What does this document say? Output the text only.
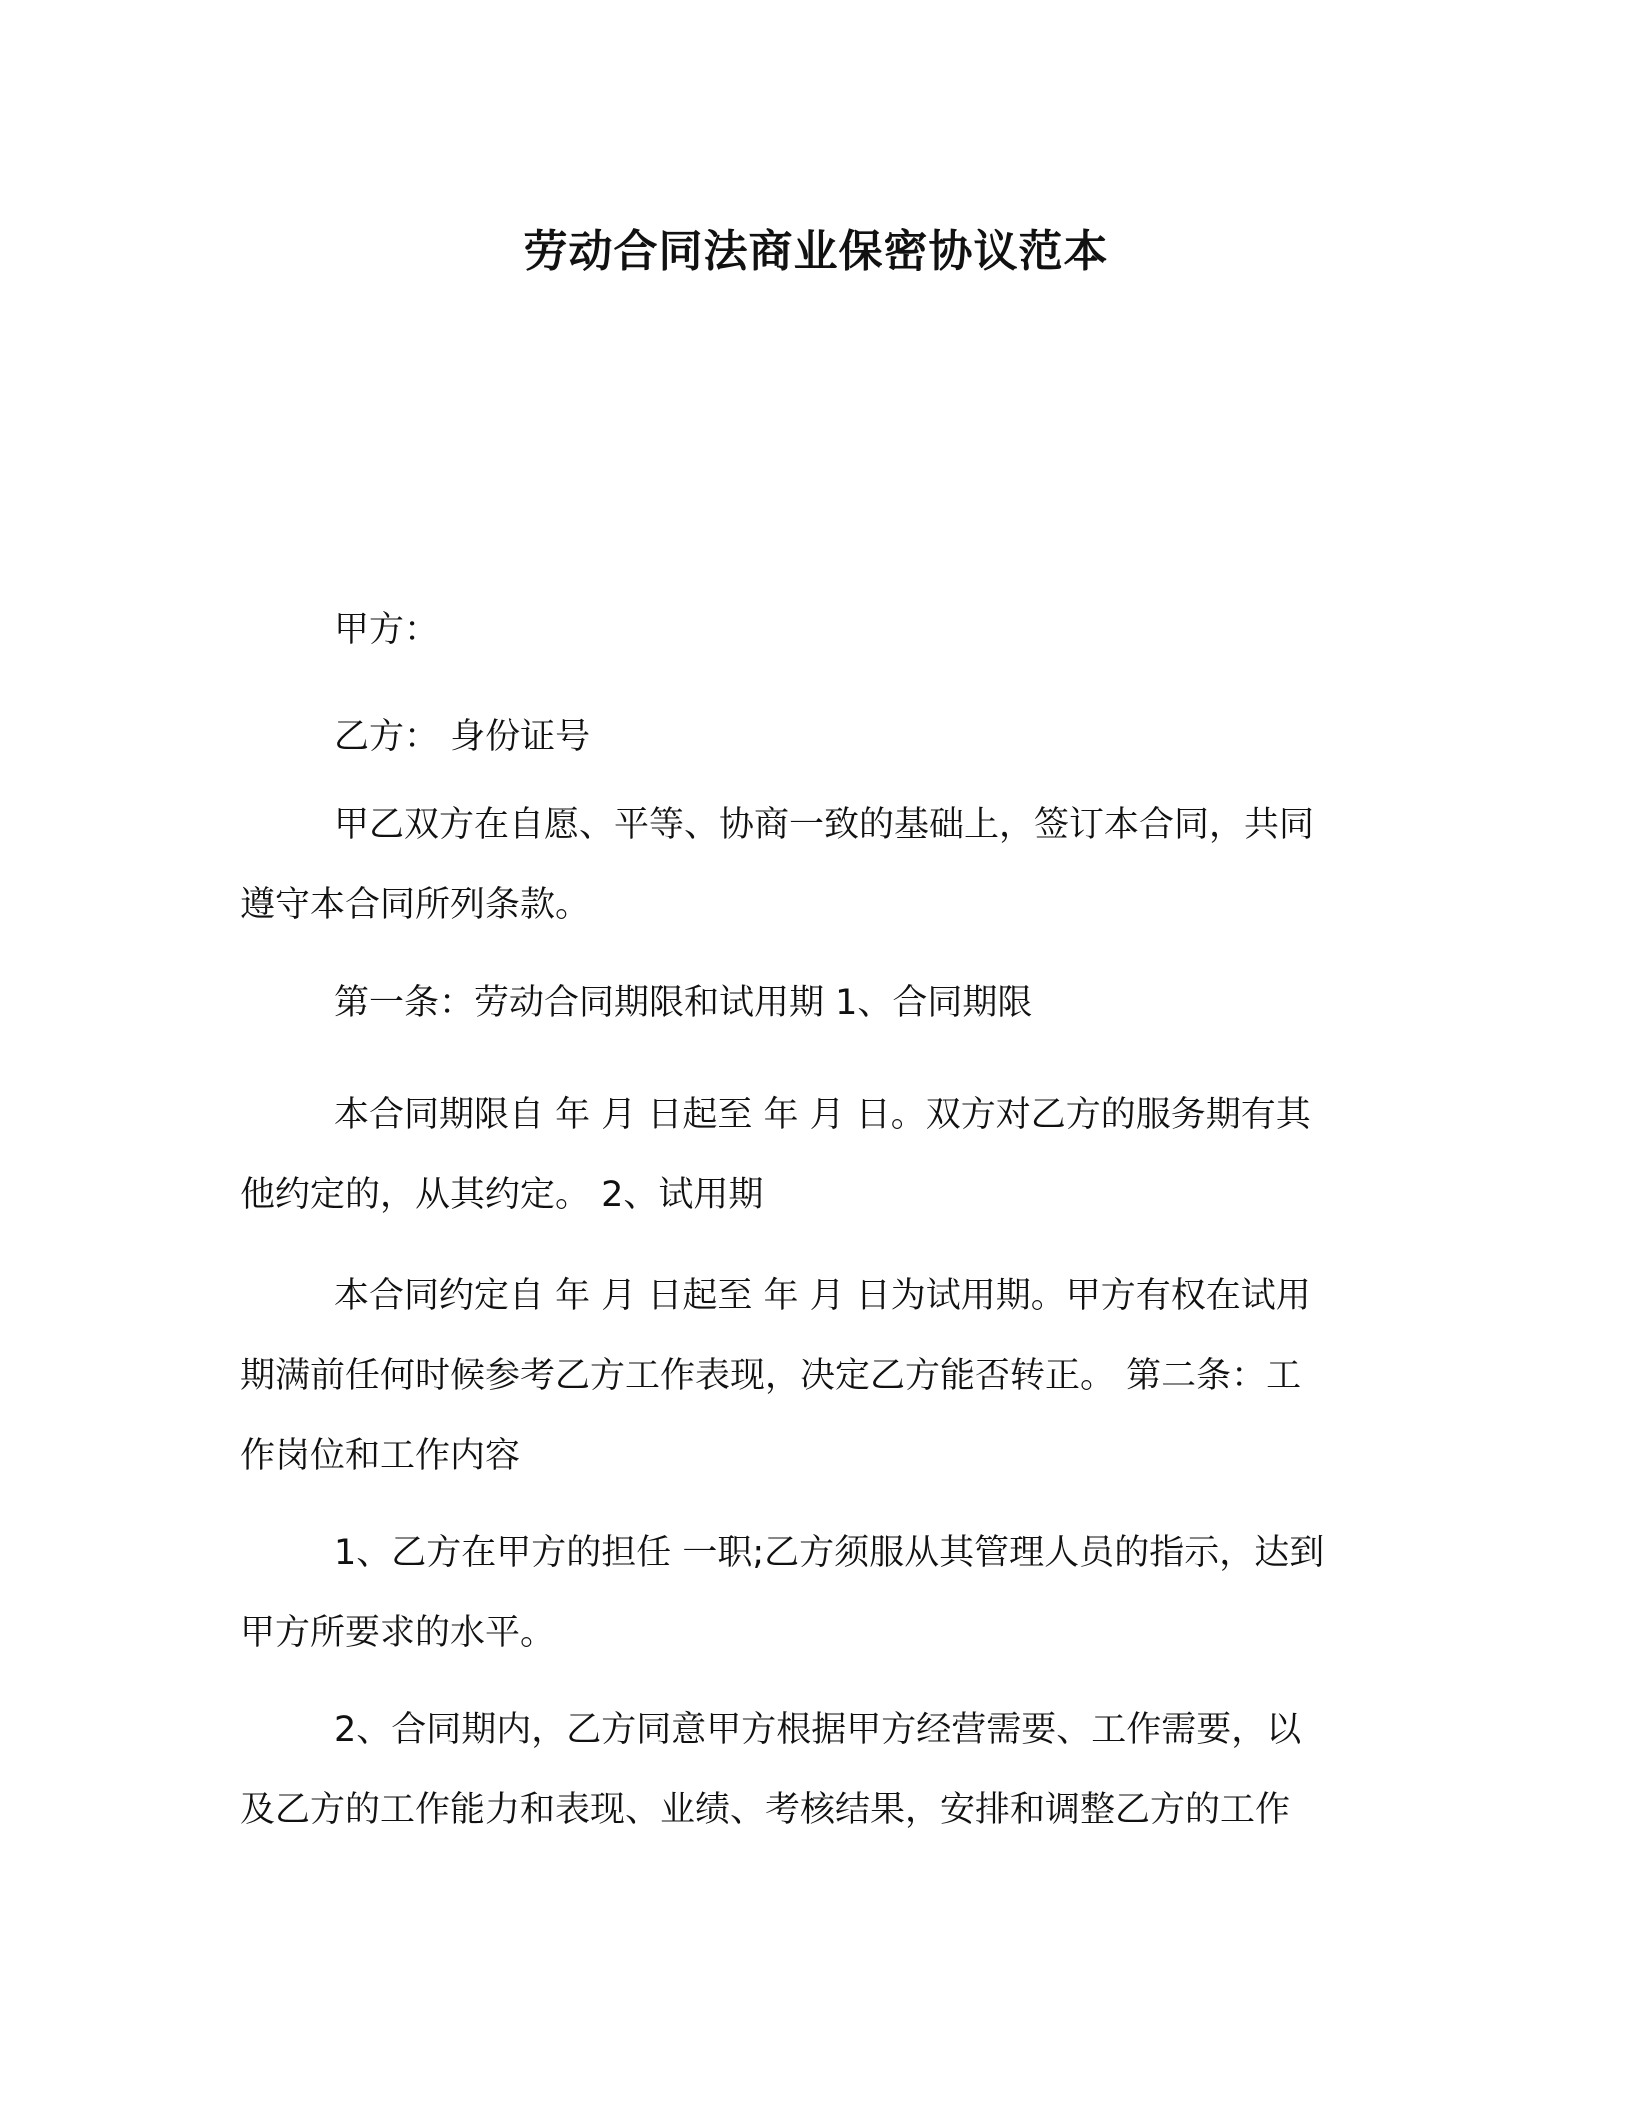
劳动合同法商业保密协议范本
甲方：
乙方： 身份证号
甲乙双方在自愿、平等、协商一致的基础上，签订本合同，共同
遵守本合同所列条款。
第一条：劳动合同期限和试用期 1、合同期限
本合同期限自 年 月 日起至 年 月 日。双方对乙方的服务期有其
他约定的，从其约定。 2、试用期
本合同约定自 年 月 日起至 年 月 日为试用期。甲方有权在试用
期满前任何时候参考乙方工作表现，决定乙方能否转正。 第二条：工
作岗位和工作内容
1、乙方在甲方的担任 一职;乙方须服从其管理人员的指示，达到
甲方所要求的水平。
2、合同期内，乙方同意甲方根据甲方经营需要、工作需要，以
及乙方的工作能力和表现、业绩、考核结果，安排和调整乙方的工作
